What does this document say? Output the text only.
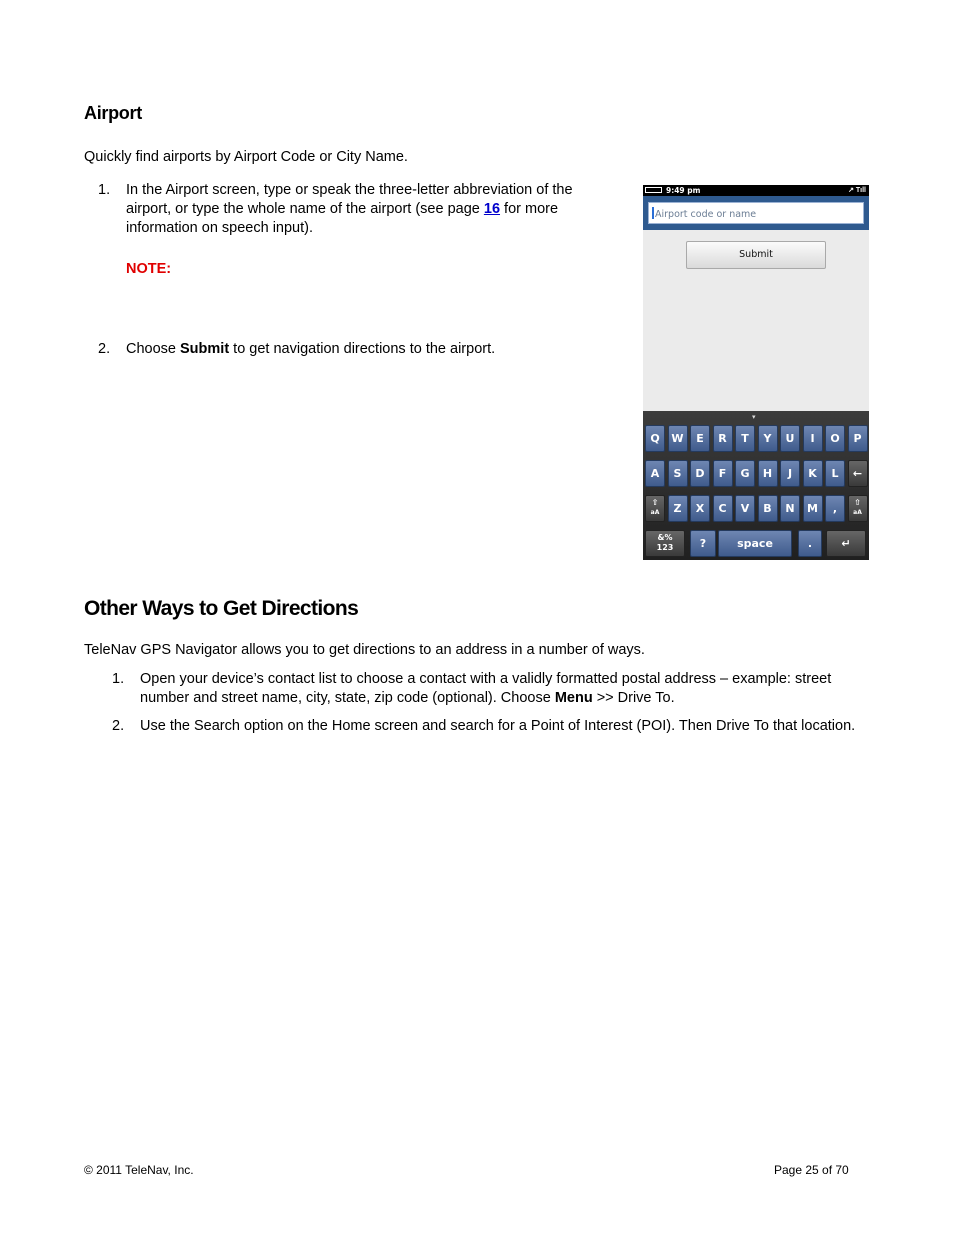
Airport
Quickly find airports by Airport Code or City Name.
1. In the Airport screen, type or speak the three-letter abbreviation of the
airport, or type the whole name of the airport (see page 16 for more
information on speech input).
NOTE:
2. Choose Submit to get navigation directions to the airport.
9:49 pm	↗ Tıll
Airport code or name
Submit
▾
Q	W	E	R	T	Y	U	I	O	P
A	S	D	F	G	H	J	K	L	←
⇧
aA	Z	X	C	V	B	N	M	,	⇧
aA
&%
123	?	space	.	↵
Other Ways to Get Directions
TeleNav GPS Navigator allows you to get directions to an address in a number of ways.
1. Open your device’s contact list to choose a contact with a validly formatted postal address – example: street
number and street name, city, state, zip code (optional). Choose Menu >> Drive To.
2. Use the Search option on the Home screen and search for a Point of Interest (POI). Then Drive To that location.
© 2011 TeleNav, Inc.	Page 25 of 70
